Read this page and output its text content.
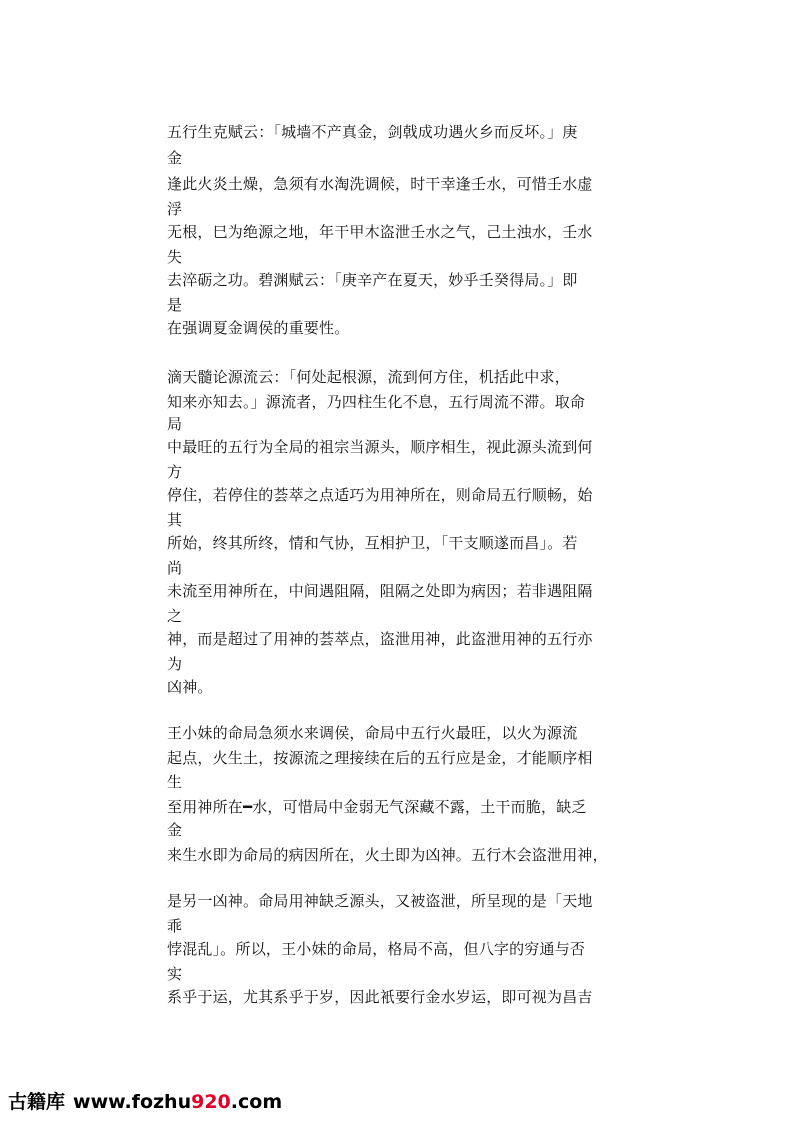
五行生克赋云：「城墙不产真金，剑戟成功遇火乡而反坏。」庚
金
逢此火炎土燥，急须有水淘洗调候，时干幸逢壬水，可惜壬水虚
浮
无根，巳为绝源之地，年干甲木盗泄壬水之气，己土浊水，壬水
失
去淬砺之功。碧渊赋云：「庚辛产在夏天，妙乎壬癸得局。」即
是
在强调夏金调侯的重要性。
滴天髓论源流云：「何处起根源，流到何方住，机括此中求，
知来亦知去。」源流者，乃四柱生化不息，五行周流不滞。取命
局
中最旺的五行为全局的祖宗当源头，顺序相生，视此源头流到何
方
停住，若停住的荟萃之点适巧为用神所在，则命局五行顺畅，始
其
所始，终其所终，情和气协，互相护卫，「干支顺遂而昌」。若
尚
未流至用神所在，中间遇阻隔，阻隔之处即为病因；若非遇阻隔
之
神，而是超过了用神的荟萃点，盗泄用神，此盗泄用神的五行亦
为
凶神。
王小妹的命局急须水来调侯，命局中五行火最旺，以火为源流
起点，火生土，按源流之理接续在后的五行应是金，才能顺序相
生
至用神所在━水，可惜局中金弱无气深藏不露，土干而脆，缺乏
金
来生水即为命局的病因所在，火土即为凶神。五行木会盗泄用神，
是另一凶神。命局用神缺乏源头，又被盗泄，所呈现的是「天地
乖
悖混乱」。所以，王小妹的命局，格局不高，但八字的穷通与否
实
系乎于运，尤其系乎于岁，因此衹要行金水岁运，即可视为昌吉
古籍库 www.fozhu920.com
